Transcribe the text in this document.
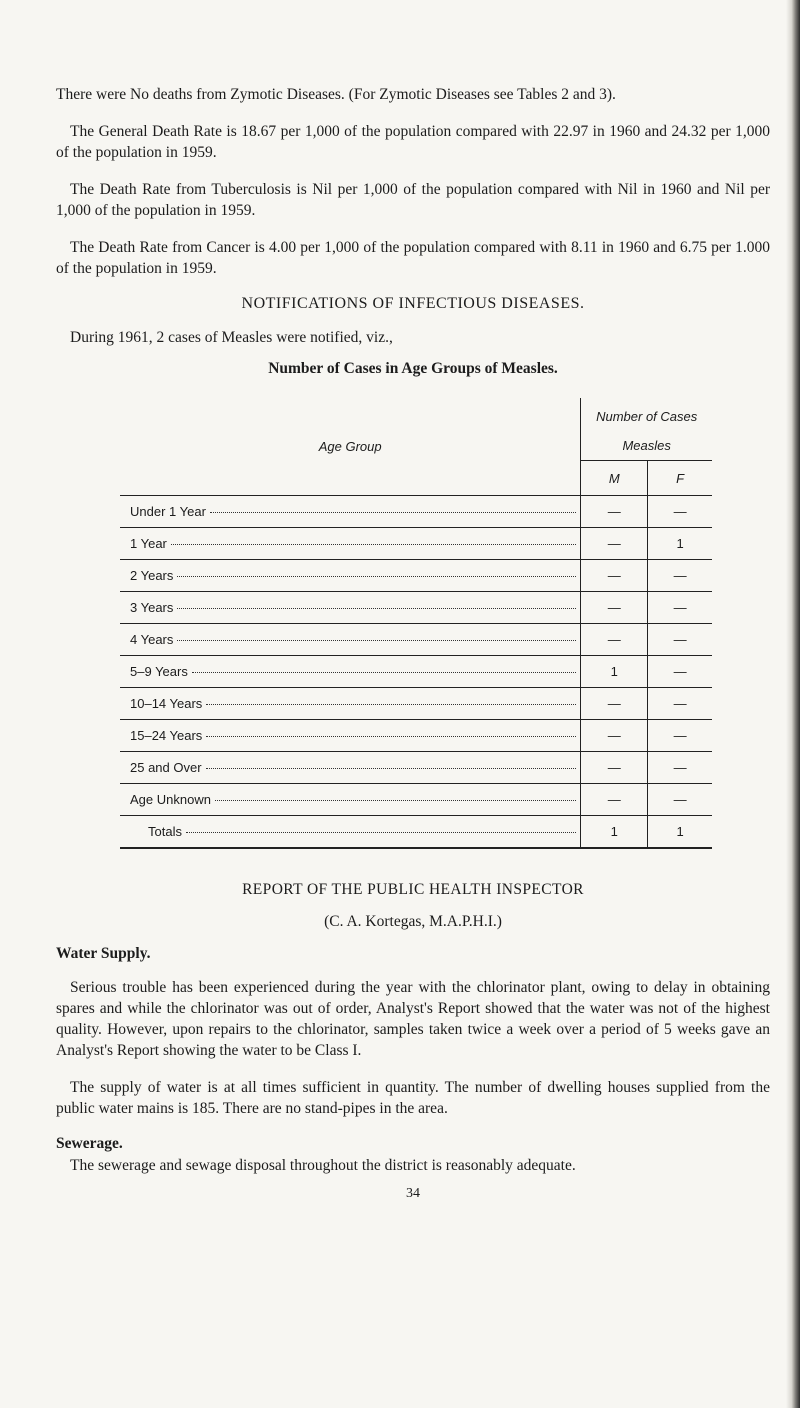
There were No deaths from Zymotic Diseases. (For Zymotic Diseases see Tables 2 and 3).

The General Death Rate is 18.67 per 1,000 of the population compared with 22.97 in 1960 and 24.32 per 1,000 of the population in 1959.

The Death Rate from Tuberculosis is Nil per 1,000 of the population compared with Nil in 1960 and Nil per 1,000 of the population in 1959.

The Death Rate from Cancer is 4.00 per 1,000 of the population compared with 8.11 in 1960 and 6.75 per 1.000 of the population in 1959.

NOTIFICATIONS OF INFECTIOUS DISEASES.

During 1961, 2 cases of Measles were notified, viz.,

Number of Cases in Age Groups of Measles.
Age Group	Number of Cases	
	Measles	
	M	F

Under 1 Year	—	—

1 Year	—	1

2 Years	—	—

3 Years	—	—

4 Years	—	—

5–9 Years	1	—

10–14 Years	—	—

15–24 Years	—	—

25 and Over	—	—

Age Unknown	—	—

Totals	1	1
REPORT OF THE PUBLIC HEALTH INSPECTOR
(C. A. Kortegas, M.A.P.H.I.)
Water Supply.

Serious trouble has been experienced during the year with the chlorinator plant, owing to delay in obtaining spares and while the chlorinator was out of order, Analyst's Report showed that the water was not of the highest quality. However, upon repairs to the chlorinator, samples taken twice a week over a period of 5 weeks gave an Analyst's Report showing the water to be Class I.

The supply of water is at all times sufficient in quantity. The number of dwelling houses supplied from the public water mains is 185. There are no stand-pipes in the area.

Sewerage.

The sewerage and sewage disposal throughout the district is reasonably adequate.

34
